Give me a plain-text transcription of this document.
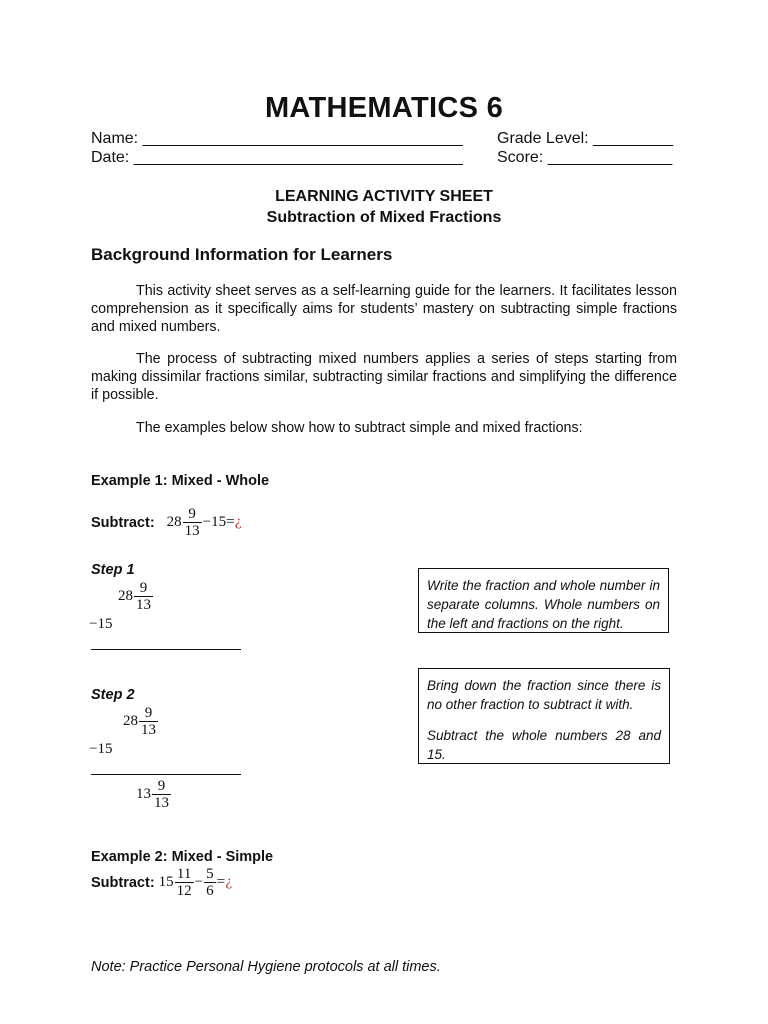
MATHEMATICS 6
Name: ____________________________________ Grade Level: _________
Date: _____________________________________ Score: ______________
LEARNING ACTIVITY SHEET
Subtraction of Mixed Fractions
Background Information for Learners
This activity sheet serves as a self-learning guide for the learners. It facilitates lesson comprehension as it specifically aims for students’ mastery on subtracting simple fractions and mixed numbers.
The process of subtracting mixed numbers applies a series of steps starting from making dissimilar fractions similar, subtracting similar fractions and simplifying the difference if possible.
The examples below show how to subtract simple and mixed fractions:
Example 1: Mixed - Whole
Subtract: $28 \frac{9}{13}$ −15=¿
Step 1
$28 \frac{9}{13}$
−15

Write the fraction and whole number in separate columns. Whole numbers on the left and fractions on the right.

Step 2
$28 \frac{9}{13}$
−15
$13 \frac{9}{13}$

Bring down the fraction since there is no other fraction to subtract it with.

Subtract the whole numbers 28 and 15.

Example 2: Mixed - Simple
Subtract: $15 \frac{11}{12} - \frac{5}{6}$ =¿
Note: Practice Personal Hygiene protocols at all times.
